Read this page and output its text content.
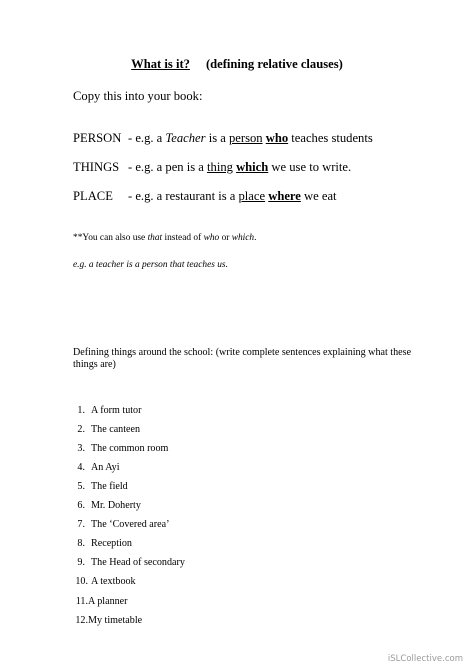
What is it? (defining relative clauses)
Copy this into your book:
PERSON - e.g. a Teacher is a person who teaches students
THINGS - e.g. a pen is a thing which we use to write.
PLACE - e.g. a restaurant is a place where we eat
**You can also use that instead of who or which.
e.g. a teacher is a person that teaches us.
Defining things around the school: (write complete sentences explaining what these things are)
1. A form tutor
2. The canteen
3. The common room
4. An Ayi
5. The field
6. Mr. Doherty
7. The ‘Covered area’
8. Reception
9. The Head of secondary
10. A textbook
11.A planner
12.My timetable
iSLCollective.com
